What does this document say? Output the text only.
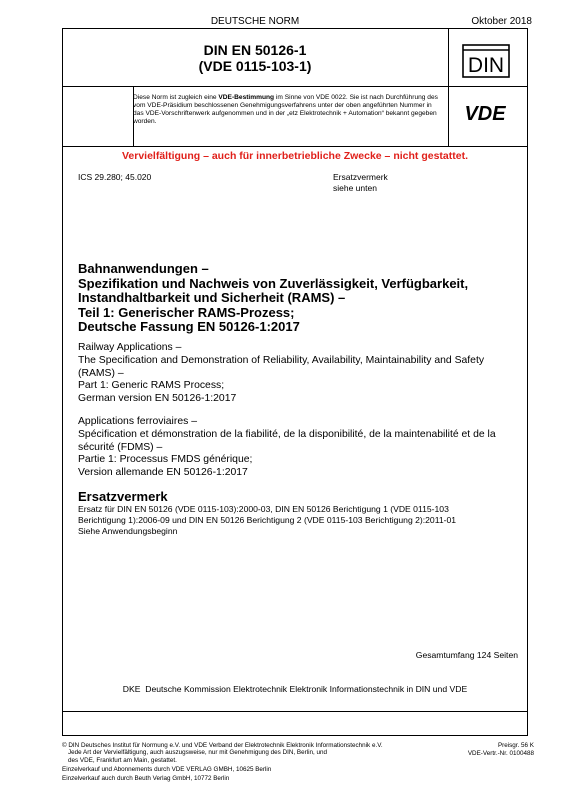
DEUTSCHE NORM	Oktober 2018
DIN EN 50126-1
(VDE 0115-103-1)	DIN
VDE
Diese Norm ist zugleich eine VDE-Bestimmung im Sinne von VDE 0022. Sie ist nach Durchführung des vom VDE-Präsidium beschlossenen Genehmigungsverfahrens unter der oben angeführten Nummer in das VDE-Vorschriftenwerk aufgenommen und in der „etz Elektrotechnik + Automation“ bekannt gegeben worden.
Vervielfältigung – auch für innerbetriebliche Zwecke – nicht gestattet.
ICS 29.280; 45.020	Ersatzvermerk
siehe unten
Bahnanwendungen –
Spezifikation und Nachweis von Zuverlässigkeit, Verfügbarkeit,
Instandhaltbarkeit und Sicherheit (RAMS) –
Teil 1: Generischer RAMS-Prozess;
Deutsche Fassung EN 50126-1:2017
Railway Applications –
The Specification and Demonstration of Reliability, Availability, Maintainability and Safety
(RAMS) –
Part 1: Generic RAMS Process;
German version EN 50126-1:2017
Applications ferroviaires –
Spécification et démonstration de la fiabilité, de la disponibilité, de la maintenabilité et de la
sécurité (FDMS) –
Partie 1: Processus FMDS générique;
Version allemande EN 50126-1:2017
Ersatzvermerk
Ersatz für DIN EN 50126 (VDE 0115-103):2000-03, DIN EN 50126 Berichtigung 1 (VDE 0115-103
Berichtigung 1):2006-09 und DIN EN 50126 Berichtigung 2 (VDE 0115-103 Berichtigung 2):2011-01
Siehe Anwendungsbeginn
Gesamtumfang 124 Seiten
DKE Deutsche Kommission Elektrotechnik Elektronik Informationstechnik in DIN und VDE
© DIN Deutsches Institut für Normung e.V. und VDE Verband der Elektrotechnik Elektronik Informationstechnik e.V.
Jede Art der Vervielfältigung, auch auszugsweise, nur mit Genehmigung des DIN, Berlin, und
des VDE, Frankfurt am Main, gestattet.
Einzelverkauf und Abonnements durch VDE VERLAG GMBH, 10625 Berlin
Einzelverkauf auch durch Beuth Verlag GmbH, 10772 Berlin
Preisgr. 56 K
VDE-Vertr.-Nr. 0100488
